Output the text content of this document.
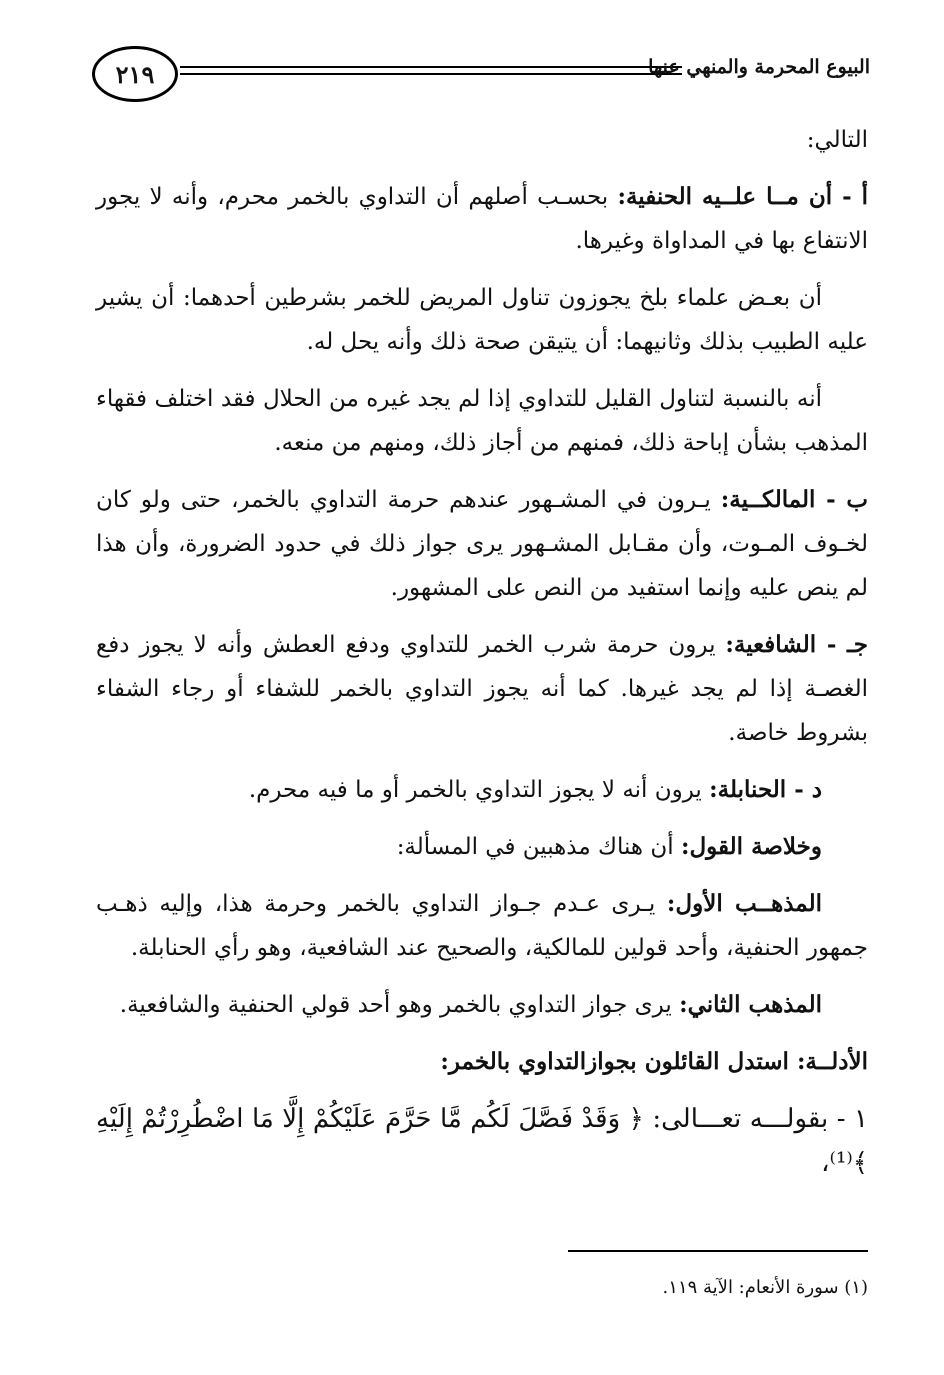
٢١٩	البيوع المحرمة والمنهي عنها

التالي:

أ - أن مــا علــيه الحنفية: بحسـب أصلهم أن التداوي بالخمر محرم، وأنه لا يجور الانتفاع بها في المداواة وغيرها.

أن بعـض علماء بلخ يجوزون تناول المريض للخمر بشرطين أحدهما: أن يشير عليه الطبيب بذلك وثانيهما: أن يتيقن صحة ذلك وأنه يحل له.

أنه بالنسبة لتناول القليل للتداوي إذا لم يجد غيره من الحلال فقد اختلف فقهاء المذهب بشأن إباحة ذلك، فمنهم من أجاز ذلك، ومنهم من منعه.

ب - المالكــية: يـرون في المشـهور عندهم حرمة التداوي بالخمر، حتى ولو كان لخـوف المـوت، وأن مقـابل المشـهور يرى جواز ذلك في حدود الضرورة، وأن هذا لم ينص عليه وإنما استفيد من النص على المشهور.

جـ - الشافعية: يرون حرمة شرب الخمر للتداوي ودفع العطش وأنه لا يجوز دفع الغصـة إذا لم يجد غيرها. كما أنه يجوز التداوي بالخمر للشفاء أو رجاء الشفاء بشروط خاصة.

د - الحنابلة: يرون أنه لا يجوز التداوي بالخمر أو ما فيه محرم.

وخلاصة القول: أن هناك مذهبين في المسألة:

المذهــب الأول: يـرى عـدم جـواز التداوي بالخمر وحرمة هذا، وإليه ذهـب جمهور الحنفية، وأحد قولين للمالكية، والصحيح عند الشافعية، وهو رأي الحنابلة.

المذهب الثاني: يرى جواز التداوي بالخمر وهو أحد قولي الحنفية والشافعية.

الأدلــة: استدل القائلون بجوازالتداوي بالخمر:

١ - بقولـــه تعـــالى: ﴿ وَقَدْ فَصَّلَ لَكُم مَّا حَرَّمَ عَلَيْكُمْ إِلَّا مَا اضْطُرِرْتُمْ إِلَيْهِ ﴾⁽¹⁾،

(١) سورة الأنعام: الآية ١١٩.
